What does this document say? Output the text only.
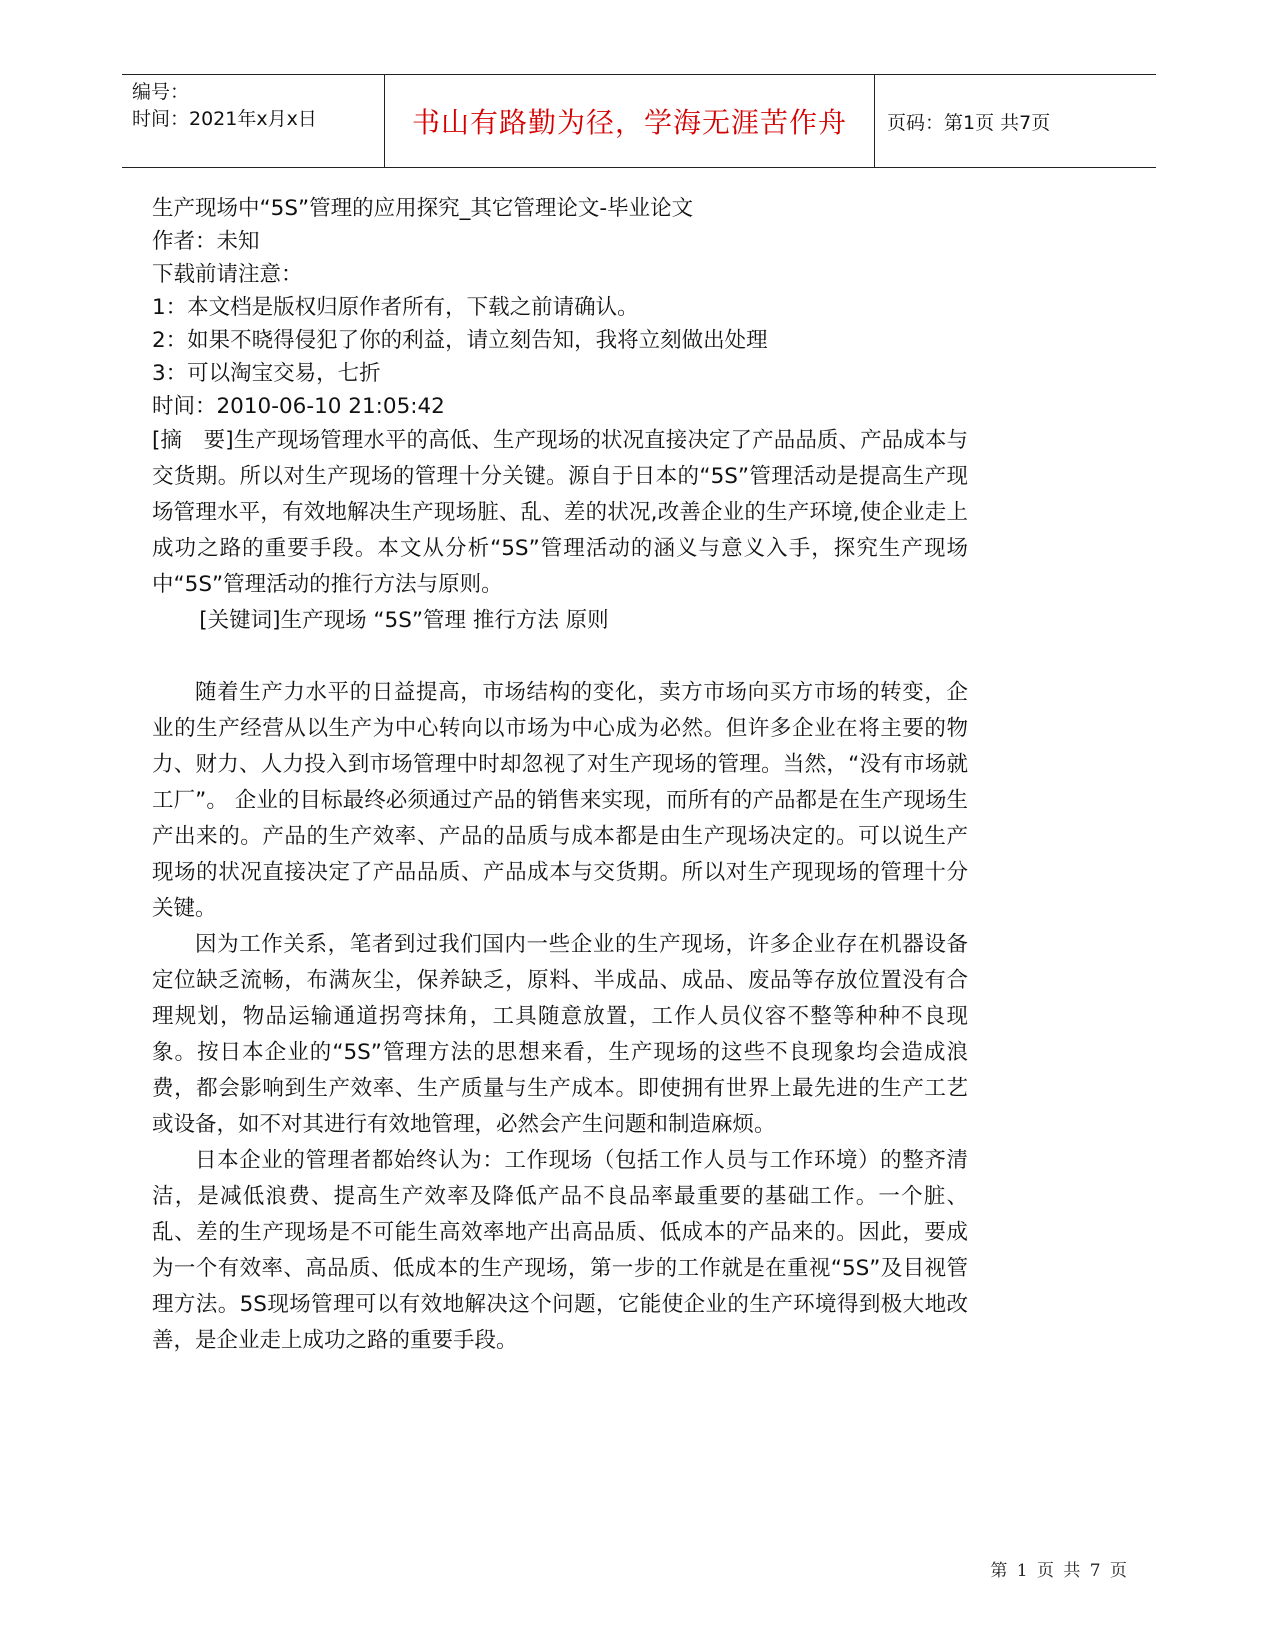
编号：
时间：2021年x月x日	书山有路勤为径，学海无涯苦作舟 页码：第1页 共7页

生产现场中“5S”管理的应用探究_其它管理论文-毕业论文

作者：未知

下载前请注意：

1：本文档是版权归原作者所有，下载之前请确认。

2：如果不晓得侵犯了你的利益，请立刻告知，我将立刻做出处理

3：可以淘宝交易，七折

时间：2010-06-10 21:05:42

[摘　要]生产现场管理水平的高低、生产现场的状况直接决定了产品品质、产品成本与交货期。所以对生产现场的管理十分关键。源自于日本的“5S”管理活动是提高生产现场管理水平，有效地解决生产现场脏、乱、差的状况,改善企业的生产环境,使企业走上成功之路的重要手段。本文从分析“5S”管理活动的涵义与意义入手，探究生产现场中“5S”管理活动的推行方法与原则。

[关键词]生产现场 “5S”管理 推行方法 原则

随着生产力水平的日益提高，市场结构的变化，卖方市场向买方市场的转变，企业的生产经营从以生产为中心转向以市场为中心成为必然。但许多企业在将主要的物力、财力、人力投入到市场管理中时却忽视了对生产现场的管理。当然，“没有市场就工厂”。 企业的目标最终必须通过产品的销售来实现，而所有的产品都是在生产现场生产出来的。产品的生产效率、产品的品质与成本都是由生产现场决定的。可以说生产现场的状况直接决定了产品品质、产品成本与交货期。所以对生产现现场的管理十分关键。

因为工作关系，笔者到过我们国内一些企业的生产现场，许多企业存在机器设备定位缺乏流畅，布满灰尘，保养缺乏，原料、半成品、成品、废品等存放位置没有合理规划，物品运输通道拐弯抹角，工具随意放置，工作人员仪容不整等种种不良现象。按日本企业的“5S”管理方法的思想来看，生产现场的这些不良现象均会造成浪费，都会影响到生产效率、生产质量与生产成本。即使拥有世界上最先进的生产工艺或设备，如不对其进行有效地管理，必然会产生问题和制造麻烦。

日本企业的管理者都始终认为：工作现场（包括工作人员与工作环境）的整齐清洁，是减低浪费、提高生产效率及降低产品不良品率最重要的基础工作。一个脏、乱、差的生产现场是不可能生高效率地产出高品质、低成本的产品来的。因此，要成为一个有效率、高品质、低成本的生产现场，第一步的工作就是在重视“5S”及目视管理方法。5S现场管理可以有效地解决这个问题，它能使企业的生产环境得到极大地改善，是企业走上成功之路的重要手段。

第 1 页 共 7 页
